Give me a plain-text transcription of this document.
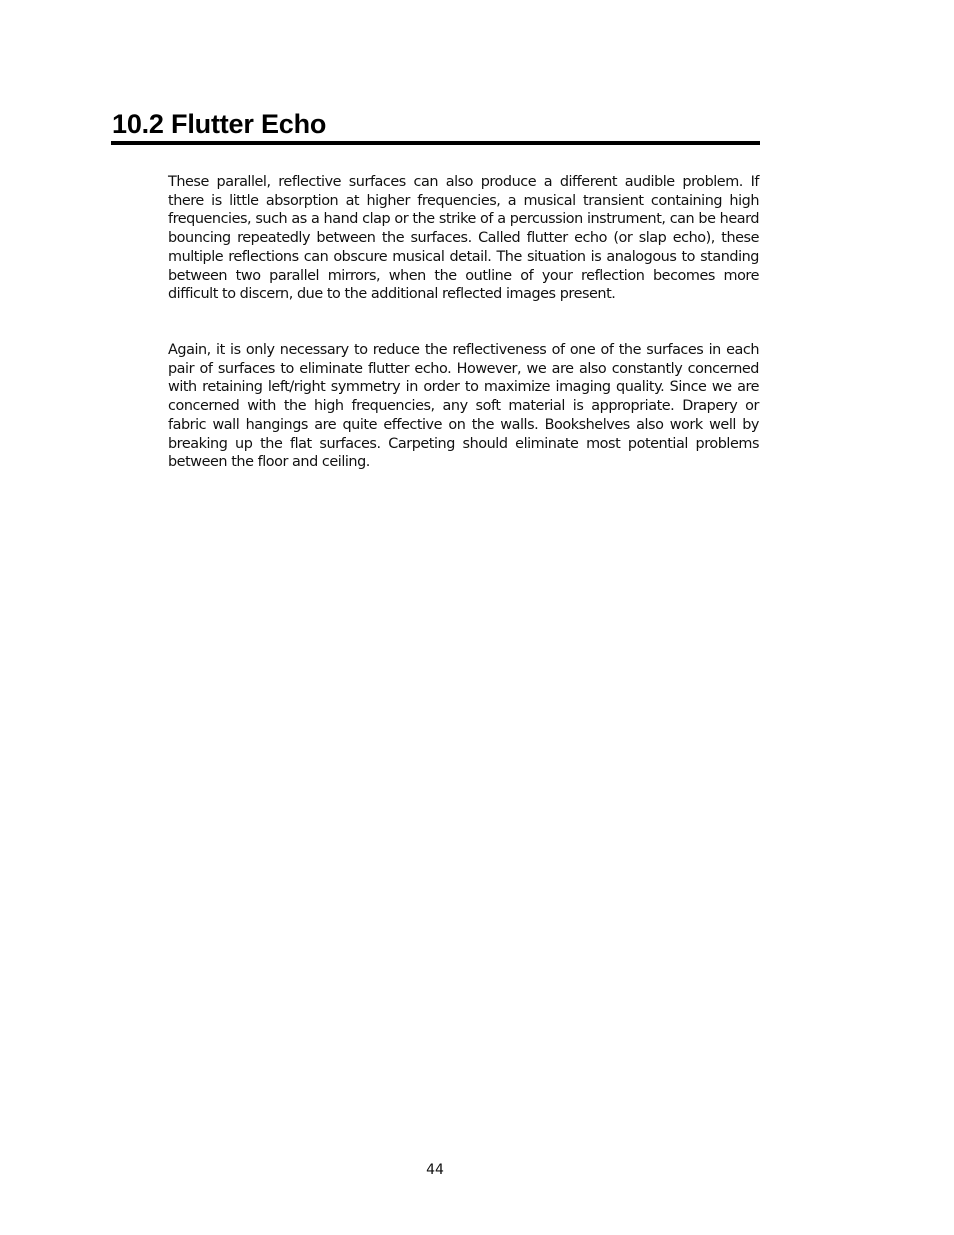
10.2 Flutter Echo

These parallel, reflective surfaces can also produce a different audible problem. If there is little absorption at higher frequencies, a musical transient containing high frequencies, such as a hand clap or the strike of a percussion instrument, can be heard bouncing repeatedly between the surfaces. Called flutter echo (or slap echo), these multiple reflections can obscure musical detail. The situation is analogous to standing between two parallel mirrors, when the outline of your reflection becomes more difficult to discern, due to the additional reflected images present.

Again, it is only necessary to reduce the reflectiveness of one of the surfaces in each pair of surfaces to eliminate flutter echo. However, we are also constantly concerned with retaining left/right symmetry in order to maximize imaging quality. Since we are concerned with the high frequencies, any soft material is appropriate. Drapery or fabric wall hangings are quite effective on the walls. Bookshelves also work well by breaking up the flat surfaces. Carpeting should eliminate most potential problems between the floor and ceiling.

44
